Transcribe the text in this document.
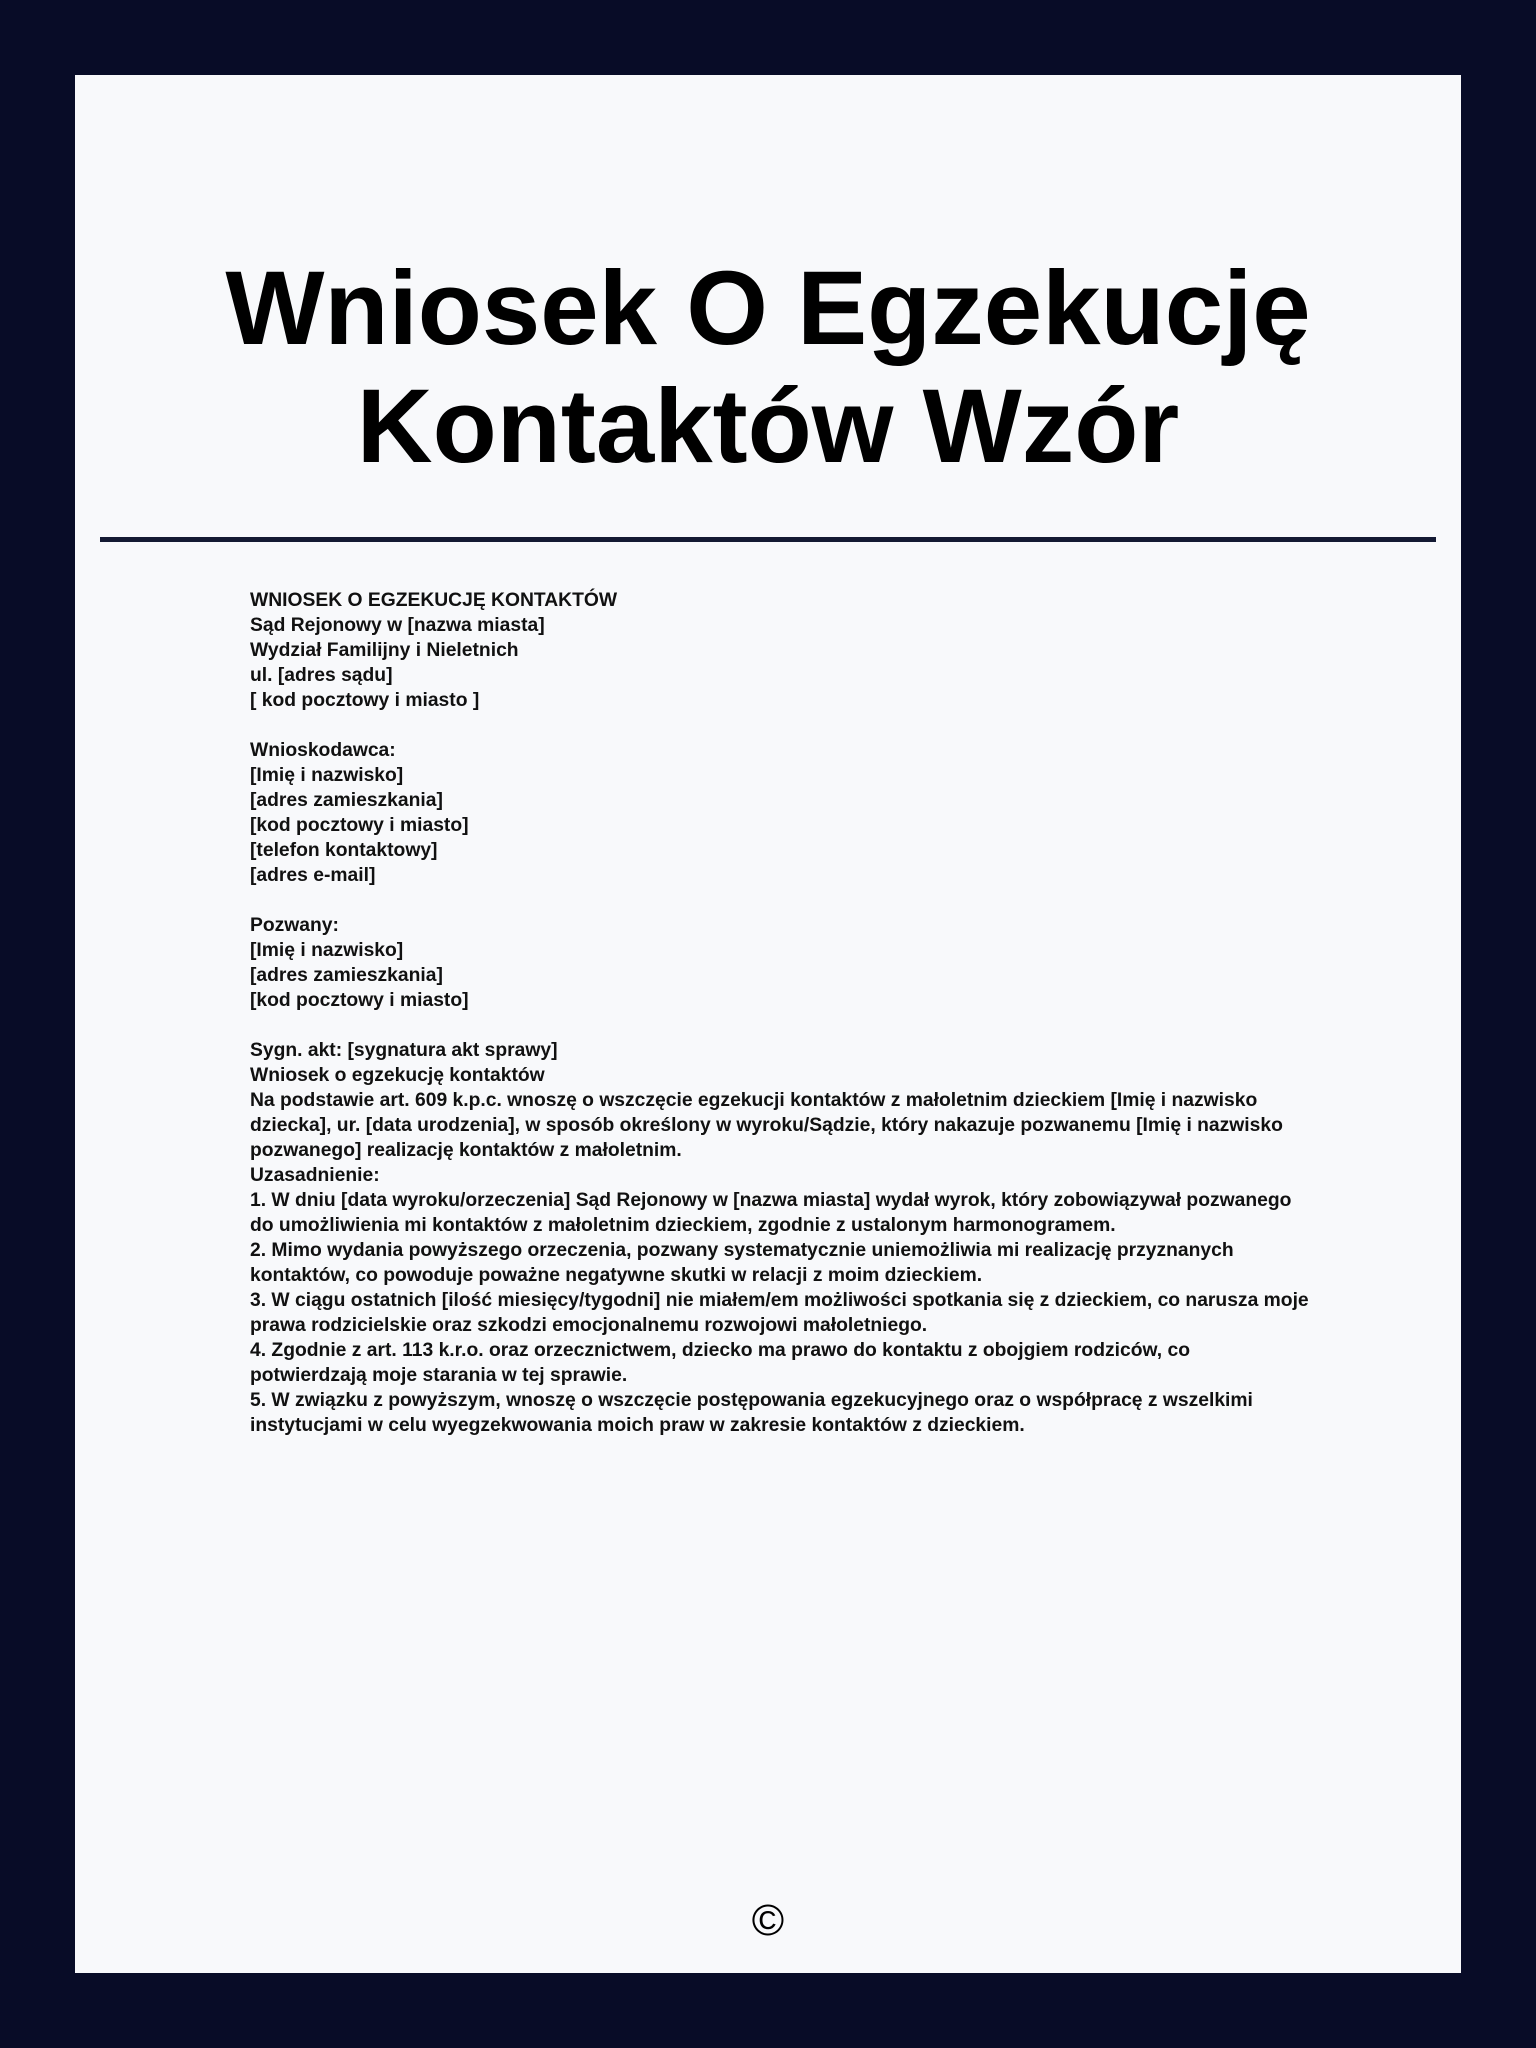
Wniosek O Egzekucję
Kontaktów Wzór

WNIOSEK O EGZEKUCJĘ KONTAKTÓW

Sąd Rejonowy w [nazwa miasta]

Wydział Familijny i Nieletnich

ul. [adres sądu]

[ kod pocztowy i miasto ]

Wnioskodawca:

[Imię i nazwisko]

[adres zamieszkania]

[kod pocztowy i miasto]

[telefon kontaktowy]

[adres e-mail]

Pozwany:

[Imię i nazwisko]

[adres zamieszkania]

[kod pocztowy i miasto]

Sygn. akt: [sygnatura akt sprawy]

Wniosek o egzekucję kontaktów

Na podstawie art. 609 k.p.c. wnoszę o wszczęcie egzekucji kontaktów z małoletnim dzieckiem [Imię i nazwisko dziecka], ur. [data urodzenia], w sposób określony w wyroku/Sądzie, który nakazuje pozwanemu [Imię i nazwisko pozwanego] realizację kontaktów z małoletnim.

Uzasadnienie:

1. W dniu [data wyroku/orzeczenia] Sąd Rejonowy w [nazwa miasta] wydał wyrok, który zobowiązywał pozwanego do umożliwienia mi kontaktów z małoletnim dzieckiem, zgodnie z ustalonym harmonogramem.

2. Mimo wydania powyższego orzeczenia, pozwany systematycznie uniemożliwia mi realizację przyznanych kontaktów, co powoduje poważne negatywne skutki w relacji z moim dzieckiem.

3. W ciągu ostatnich [ilość miesięcy/tygodni] nie miałem/em możliwości spotkania się z dzieckiem, co narusza moje prawa rodzicielskie oraz szkodzi emocjonalnemu rozwojowi małoletniego.

4. Zgodnie z art. 113 k.r.o. oraz orzecznictwem, dziecko ma prawo do kontaktu z obojgiem rodziców, co potwierdzają moje starania w tej sprawie.

5. W związku z powyższym, wnoszę o wszczęcie postępowania egzekucyjnego oraz o współpracę z wszelkimi instytucjami w celu wyegzekwowania moich praw w zakresie kontaktów z dzieckiem.

©
